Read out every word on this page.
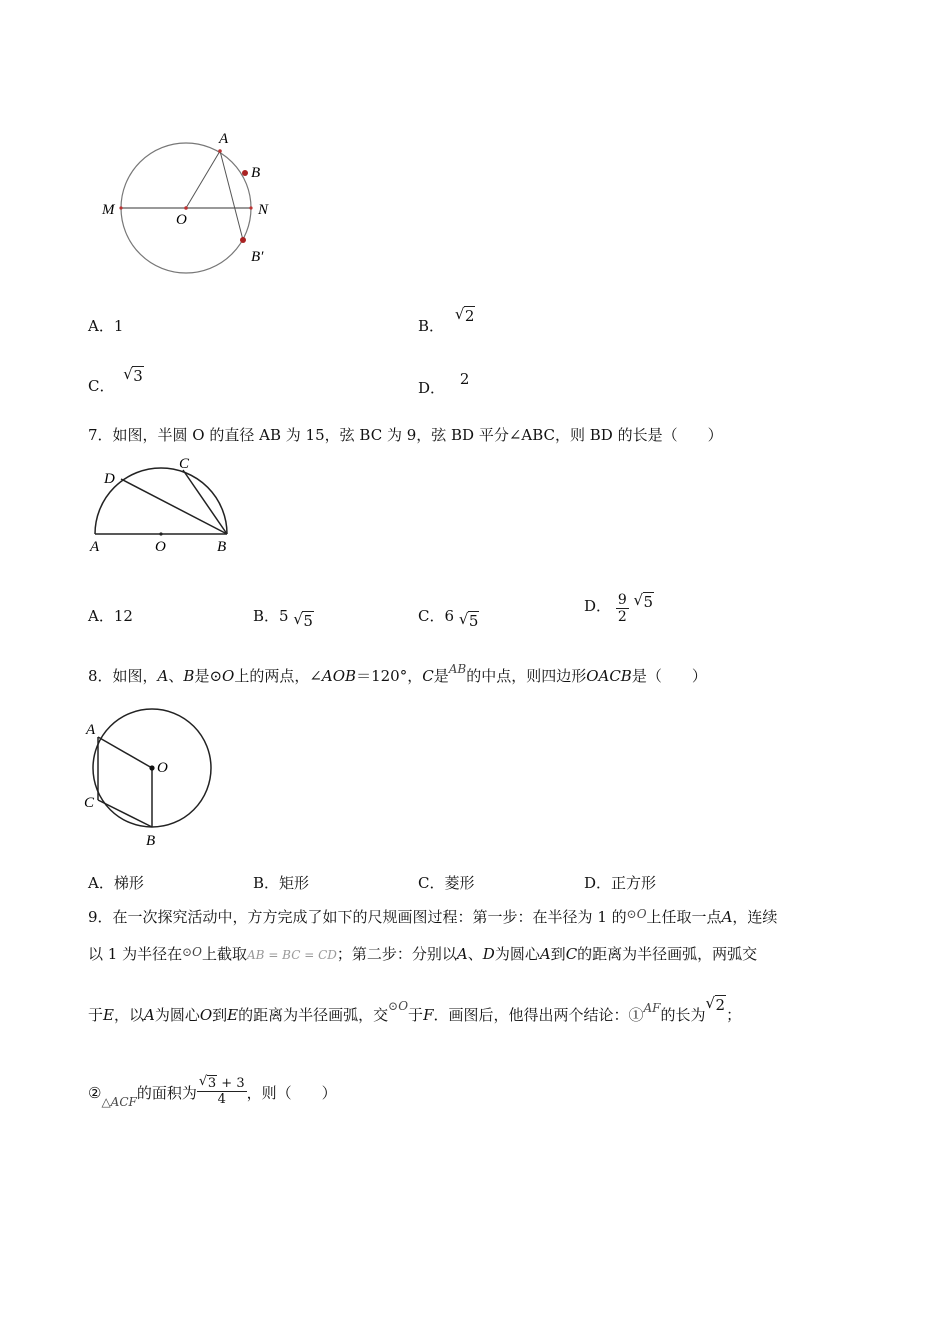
A
B
M	N
O
B′
A．1	B．
√ 2
C．
√ 3
D． 2
7．如图，半圆 O 的直径 AB 为 15，弦 BC 为 9，弦 BD 平分∠ABC，则 BD 的长是（　　）
A	O	B
C
D
A．12	B．5 √ 5	C．6 √ 5
D． $\frac{9}{2}$
√ 5
8．如图，A、B是⊙O上的两点，∠AOB＝120°，C是$^{AB}$的中点，则四边形OACB是（　　）
A
O
C
B
A．梯形	B．矩形	C．菱形	D．正方形
9．在一次探究活动中，方方完成了如下的尺规画图过程：第一步：在半径为 1 的$^{⊙O}$上任取一点A，连续
以 1 为半径在$^{⊙O}$上截取AB = BC = CD；第二步：分别以A、D为圆心A到C的距离为半径画弧，两弧交
于E，以A为圆心O到E的距离为半径画弧，交$^{⊙O}$于F．画图后，他得出两个结论：①$^{AF}$的长为
√ 2；
$②_{\triangle ACF}$的面积为 $\frac{√ 3 + 3}{4}$ ，则（　　）
